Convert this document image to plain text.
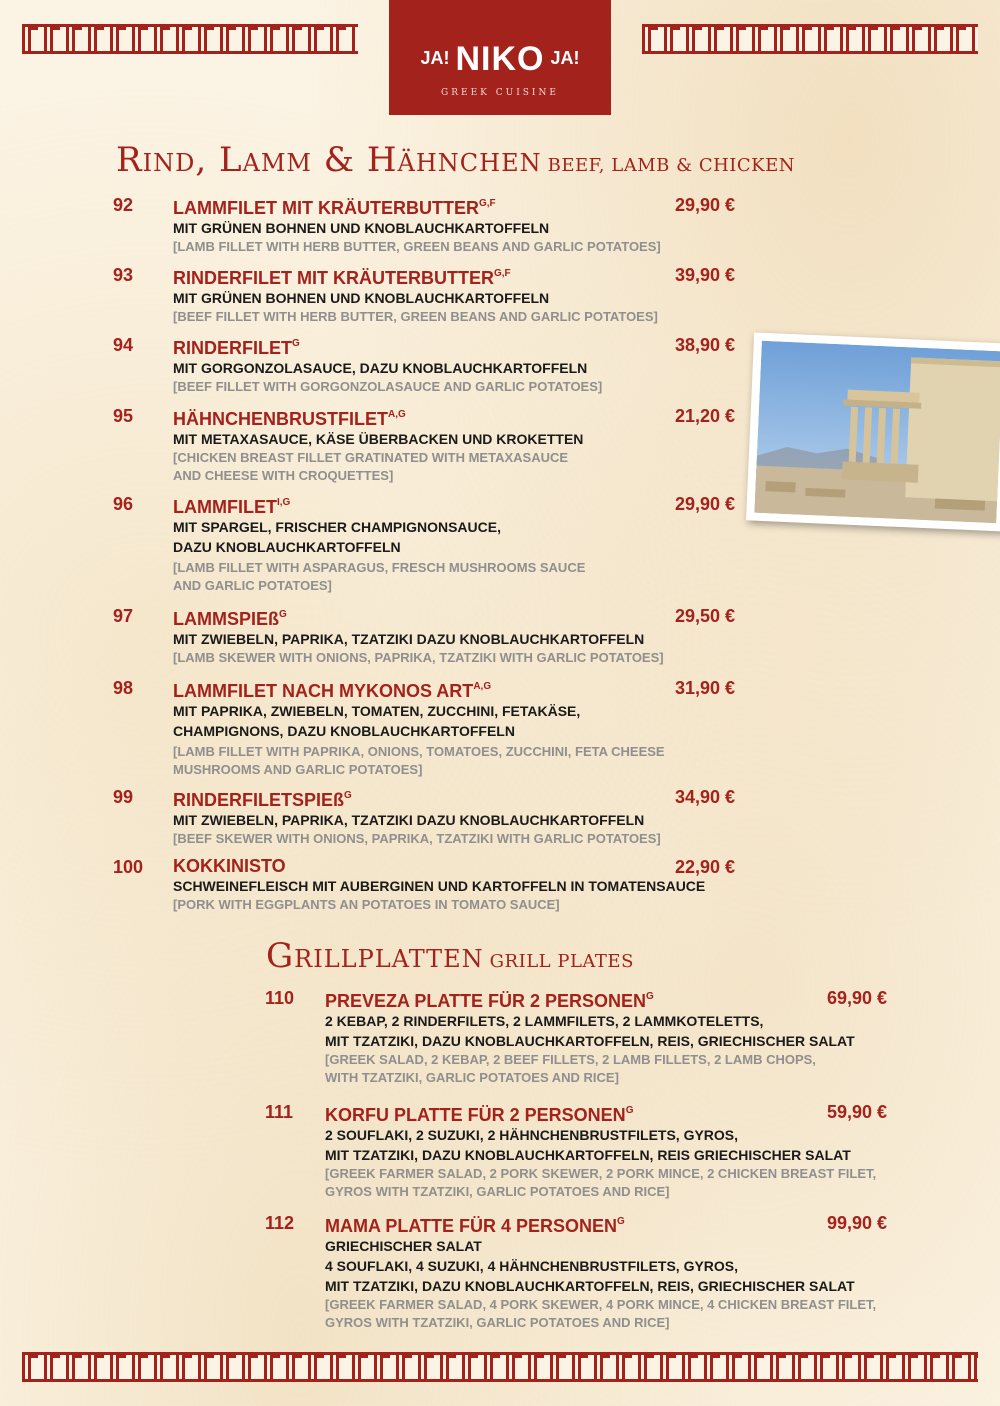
JA! NIKO JA!
GREEK CUISINE
Rind, Lamm & Hähnchen BEEF, LAMB & CHICKEN
92 LAMMFILET MIT $KRÄUTERBUTTER^{G,F}$	29,90 €
MIT GRÜNEN BOHNEN UND KNOBLAUCHKARTOFFELN
[LAMB FILLET WITH HERB BUTTER, GREEN BEANS AND GARLIC POTATOES]
93 RINDERFILET MIT $KRÄUTERBUTTER^{G,F}$	39,90 €
MIT GRÜNEN BOHNEN UND KNOBLAUCHKARTOFFELN
[BEEF FILLET WITH HERB BUTTER, GREEN BEANS AND GARLIC POTATOES]
94 $RINDERFILET^G$	38,90 €
MIT GORGONZOLASAUCE, DAZU KNOBLAUCHKARTOFFELN
[BEEF FILLET WITH GORGONZOLASAUCE AND GARLIC POTATOES]
95 $HÄHNCHENBRUSTFILET^{A,G}$	21,20 €
MIT METAXASAUCE, KÄSE ÜBERBACKEN UND KROKETTEN
[CHICKEN BREAST FILLET GRATINATED WITH METAXASAUCE
AND CHEESE WITH CROQUETTES]
96 $LAMMFILET^{I,G}$	29,90 €
MIT SPARGEL, FRISCHER CHAMPIGNONSAUCE,
DAZU KNOBLAUCHKARTOFFELN
[LAMB FILLET WITH ASPARAGUS, FRESCH MUSHROOMS SAUCE
AND GARLIC POTATOES]
97 LAMMSPIEß$^G$	29,50 €
MIT ZWIEBELN, PAPRIKA, TZATZIKI DAZU KNOBLAUCHKARTOFFELN
[LAMB SKEWER WITH ONIONS, PAPRIKA, TZATZIKI WITH GARLIC POTATOES]
98 LAMMFILET NACH MYKONOS $ART^{A,G}$	31,90 €
MIT PAPRIKA, ZWIEBELN, TOMATEN, ZUCCHINI, FETAKÄSE,
CHAMPIGNONS, DAZU KNOBLAUCHKARTOFFELN
[LAMB FILLET WITH PAPRIKA, ONIONS, TOMATOES, ZUCCHINI, FETA CHEESE
MUSHROOMS AND GARLIC POTATOES]
99 RINDERFILETSPIEß$^G$	34,90 €
MIT ZWIEBELN, PAPRIKA, TZATZIKI DAZU KNOBLAUCHKARTOFFELN
[BEEF SKEWER WITH ONIONS, PAPRIKA, TZATZIKI WITH GARLIC POTATOES]
100 KOKKINISTO	22,90 €
SCHWEINEFLEISCH MIT AUBERGINEN UND KARTOFFELN IN TOMATENSAUCE
[PORK WITH EGGPLANTS AN POTATOES IN TOMATO SAUCE]
Grillplatten GRILL PLATES
110 PREVEZA PLATTE FÜR 2 $PERSONEN^G$	69,90 €
2 KEBAP, 2 RINDERFILETS, 2 LAMMFILETS, 2 LAMMKOTELETTS,
MIT TZATZIKI, DAZU KNOBLAUCHKARTOFFELN, REIS, GRIECHISCHER SALAT
[GREEK SALAD, 2 KEBAP, 2 BEEF FILLETS, 2 LAMB FILLETS, 2 LAMB CHOPS,
WITH TZATZIKI, GARLIC POTATOES AND RICE]
111 KORFU PLATTE FÜR 2 $PERSONEN^G$	59,90 €
2 SOUFLAKI, 2 SUZUKI, 2 HÄHNCHENBRUSTFILETS, GYROS,
MIT TZATZIKI, DAZU KNOBLAUCHKARTOFFELN, REIS GRIECHISCHER SALAT
[GREEK FARMER SALAD, 2 PORK SKEWER, 2 PORK MINCE, 2 CHICKEN BREAST FILET,
GYROS WITH TZATZIKI, GARLIC POTATOES AND RICE]
112 MAMA PLATTE FÜR 4 $PERSONEN^G$	99,90 €
GRIECHISCHER SALAT
4 SOUFLAKI, 4 SUZUKI, 4 HÄHNCHENBRUSTFILETS, GYROS,
MIT TZATZIKI, DAZU KNOBLAUCHKARTOFFELN, REIS, GRIECHISCHER SALAT
[GREEK FARMER SALAD, 4 PORK SKEWER, 4 PORK MINCE, 4 CHICKEN BREAST FILET,
GYROS WITH TZATZIKI, GARLIC POTATOES AND RICE]
